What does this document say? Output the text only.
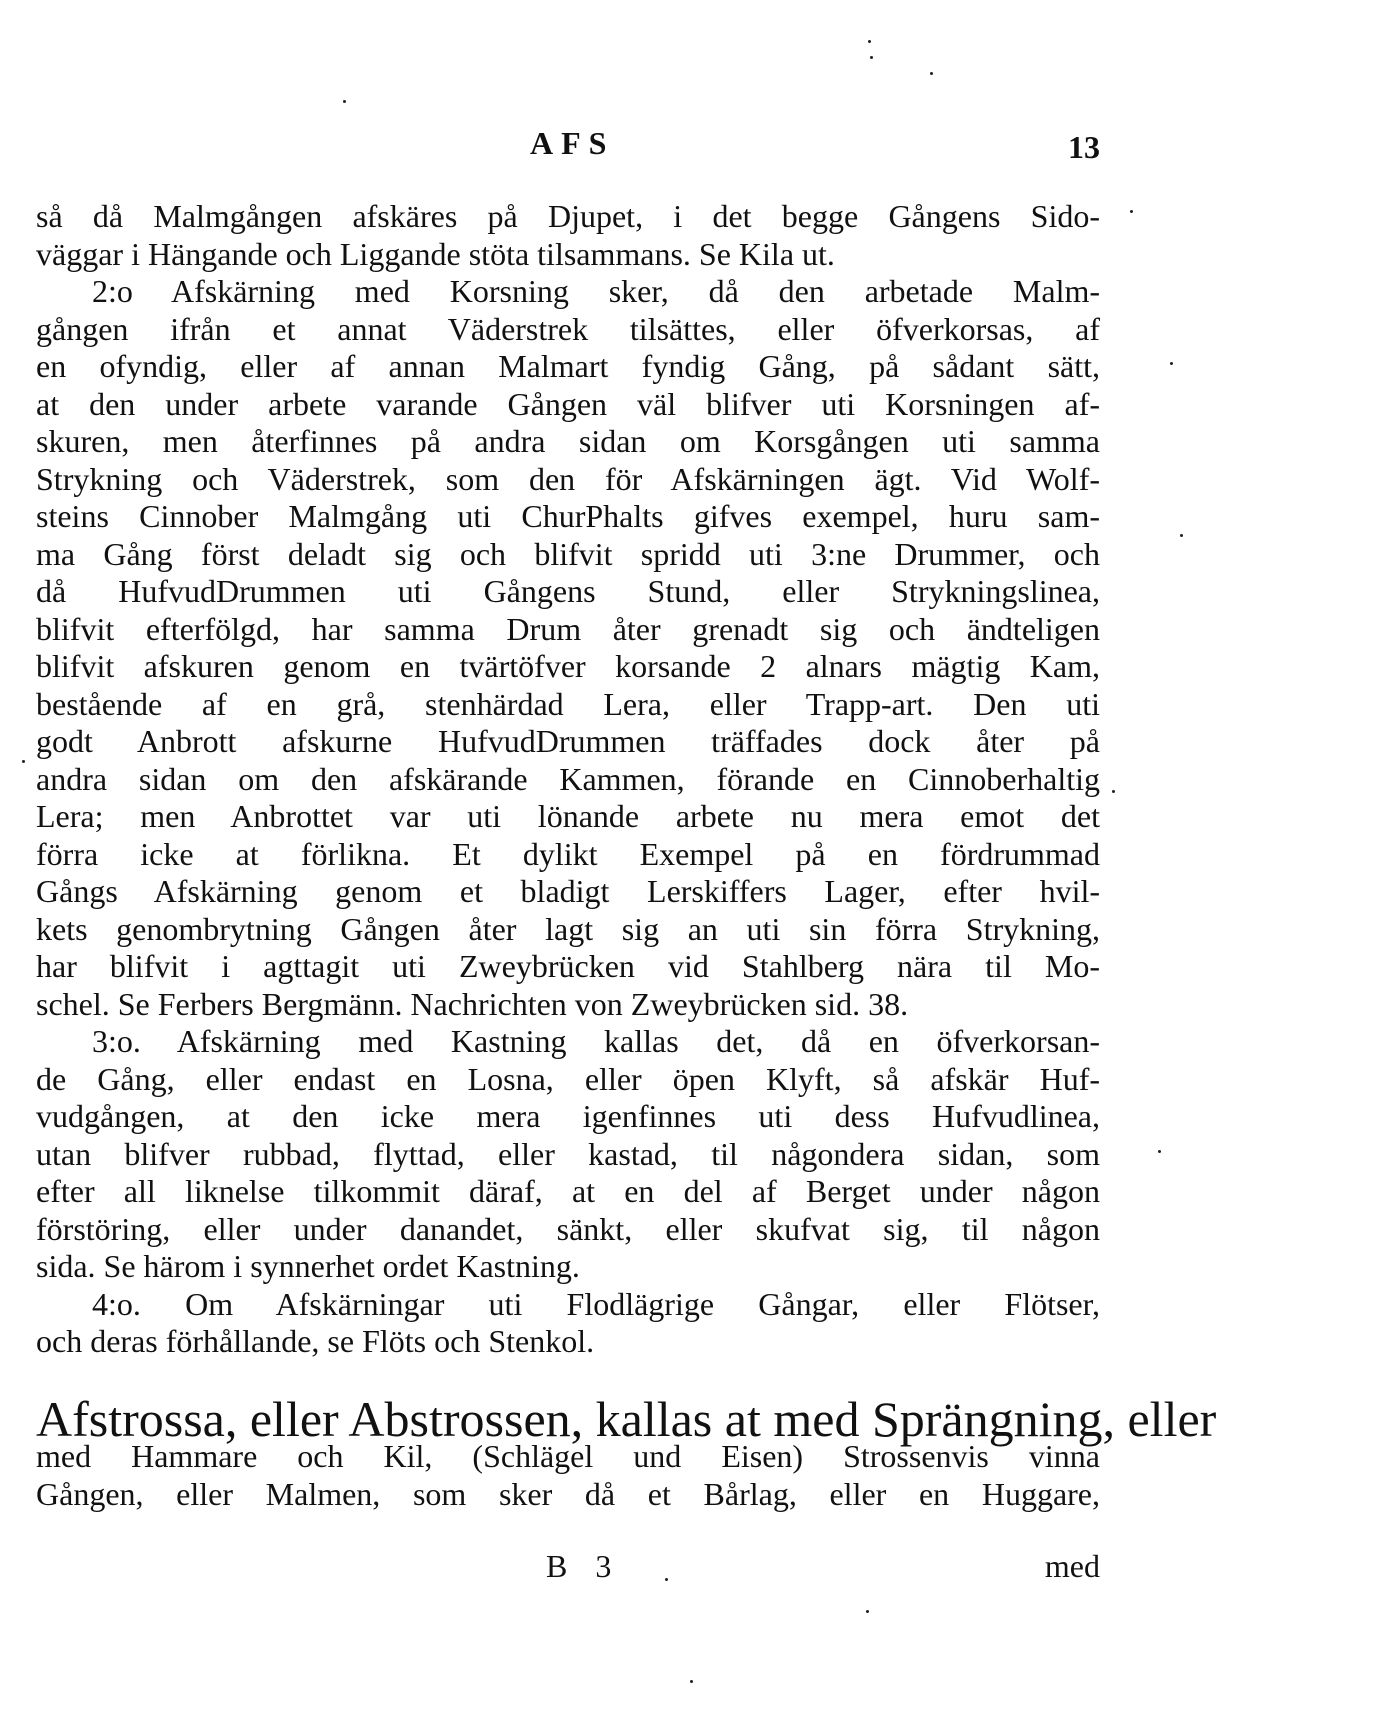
AFS	13
så då Malmgången afskäres på Djupet, i det begge Gångens Sido-
väggar i Hängande och Liggande stöta tilsammans. Se Kila ut.
2:o Afskärning med Korsning sker, då den arbetade Malm-
gången ifrån et annat Väderstrek tilsättes, eller öfverkorsas, af
en ofyndig, eller af annan Malmart fyndig Gång, på sådant sätt,
at den under arbete varande Gången väl blifver uti Korsningen af-
skuren, men återfinnes på andra sidan om Korsgången uti samma
Strykning och Väderstrek, som den för Afskärningen ägt. Vid Wolf-
steins Cinnober Malmgång uti ChurPhalts gifves exempel, huru sam-
ma Gång först deladt sig och blifvit spridd uti 3:ne Drummer, och
då HufvudDrummen uti Gångens Stund, eller Strykningslinea,
blifvit efterfölgd, har samma Drum åter grenadt sig och ändteligen
blifvit afskuren genom en tvärtöfver korsande 2 alnars mägtig Kam,
bestående af en grå, stenhärdad Lera, eller Trapp-art. Den uti
godt Anbrott afskurne HufvudDrummen träffades dock åter på
andra sidan om den afskärande Kammen, förande en Cinnoberhaltig
Lera; men Anbrottet var uti lönande arbete nu mera emot det
förra icke at förlikna. Et dylikt Exempel på en fördrummad
Gångs Afskärning genom et bladigt Lerskiffers Lager, efter hvil-
kets genombrytning Gången åter lagt sig an uti sin förra Strykning,
har blifvit i agttagit uti Zweybrücken vid Stahlberg nära til Mo-
schel. Se Ferbers Bergmänn. Nachrichten von Zweybrücken sid. 38.
3:o. Afskärning med Kastning kallas det, då en öfverkorsan-
de Gång, eller endast en Losna, eller öpen Klyft, så afskär Huf-
vudgången, at den icke mera igenfinnes uti dess Hufvudlinea,
utan blifver rubbad, flyttad, eller kastad, til någondera sidan, som
efter all liknelse tilkommit däraf, at en del af Berget under någon
förstöring, eller under danandet, sänkt, eller skufvat sig, til någon
sida. Se härom i synnerhet ordet Kastning.
4:o. Om Afskärningar uti Flodlägrige Gångar, eller Flötser,
och deras förhållande, se Flöts och Stenkol.
Afstrossa, eller Abstrossen, kallas at med Sprängning, eller
med Hammare och Kil, (Schlägel und Eisen) Strossenvis vinna
Gången, eller Malmen, som sker då et Bårlag, eller en Huggare,
B 3	med
